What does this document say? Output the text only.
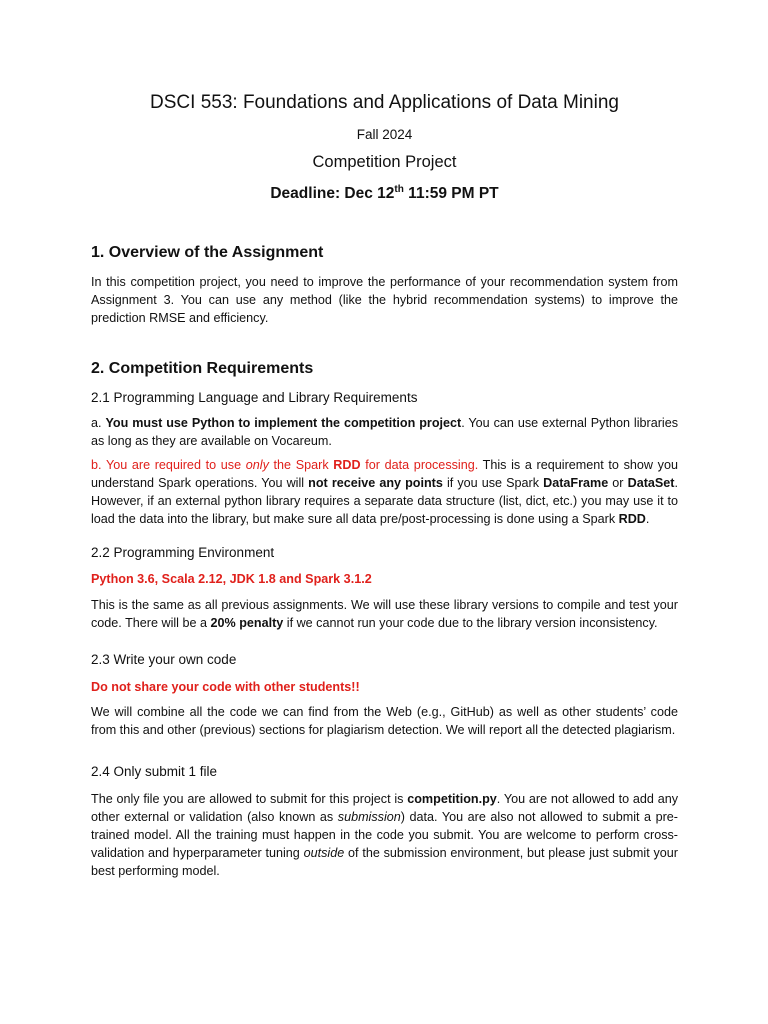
DSCI 553: Foundations and Applications of Data Mining
Fall 2024
Competition Project
Deadline: Dec 12th 11:59 PM PT
1. Overview of the Assignment
In this competition project, you need to improve the performance of your recommendation system from Assignment 3. You can use any method (like the hybrid recommendation systems) to improve the prediction RMSE and efficiency.
2. Competition Requirements
2.1 Programming Language and Library Requirements
a. You must use Python to implement the competition project. You can use external Python libraries as long as they are available on Vocareum.
b. You are required to use only the Spark RDD for data processing. This is a requirement to show you understand Spark operations. You will not receive any points if you use Spark DataFrame or DataSet. However, if an external python library requires a separate data structure (list, dict, etc.) you may use it to load the data into the library, but make sure all data pre/post-processing is done using a Spark RDD.
2.2 Programming Environment
Python 3.6, Scala 2.12, JDK 1.8 and Spark 3.1.2
This is the same as all previous assignments. We will use these library versions to compile and test your code. There will be a 20% penalty if we cannot run your code due to the library version inconsistency.
2.3 Write your own code
Do not share your code with other students!!
We will combine all the code we can find from the Web (e.g., GitHub) as well as other students’ code from this and other (previous) sections for plagiarism detection. We will report all the detected plagiarism.
2.4 Only submit 1 file
The only file you are allowed to submit for this project is competition.py. You are not allowed to add any other external or validation (also known as submission) data. You are also not allowed to submit a pre-trained model. All the training must happen in the code you submit. You are welcome to perform cross-validation and hyperparameter tuning outside of the submission environment, but please just submit your best performing model.
